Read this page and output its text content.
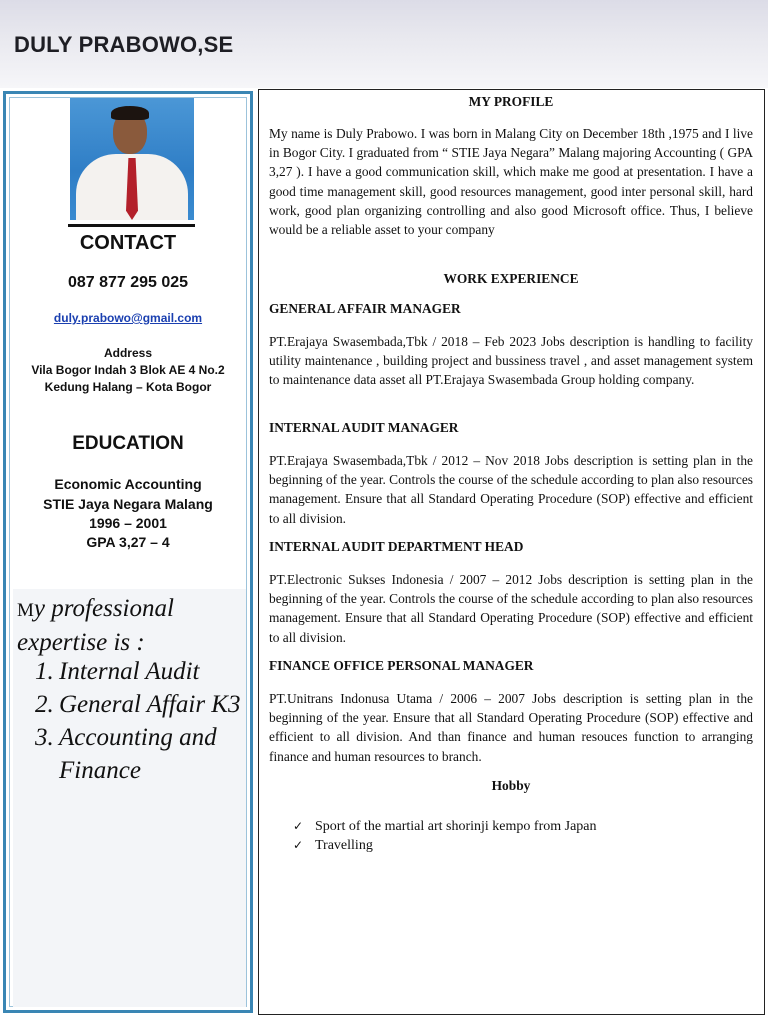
DULY PRABOWO,SE
CONTACT
087 877 295 025
duly.prabowo@gmail.com
Address
Vila Bogor Indah 3 Blok AE 4 No.2
Kedung Halang – Kota Bogor
EDUCATION
Economic Accounting
STIE Jaya Negara Malang
1996 – 2001
GPA 3,27 – 4
My professional expertise is :
1. Internal Audit
2. General Affair K3
3. Accounting and Finance
MY PROFILE
My name is Duly Prabowo. I was born in Malang City on December 18th ,1975 and I live in Bogor City. I graduated from “ STIE Jaya Negara” Malang majoring Accounting ( GPA 3,27 ). I have a good communication skill, which make me good at presentation. I have a good time management skill, good resources management, good inter personal skill, hard work, good plan organizing controlling and also good Microsoft office. Thus, I believe would be a reliable asset to your company
WORK EXPERIENCE
GENERAL AFFAIR MANAGER
PT.Erajaya Swasembada,Tbk / 2018 – Feb 2023 Jobs description is handling to facility utility maintenance , building project and bussiness travel , and asset management system to maintenance data asset all PT.Erajaya Swasembada Group holding company.
INTERNAL AUDIT MANAGER
PT.Erajaya Swasembada,Tbk / 2012 – Nov 2018 Jobs description is setting plan in the beginning of the year. Controls the course of the schedule according to plan also resources management. Ensure that all Standard Operating Procedure (SOP) effective and efficient to all division.
INTERNAL AUDIT DEPARTMENT HEAD
PT.Electronic Sukses Indonesia / 2007 – 2012 Jobs description is setting plan in the beginning of the year. Controls the course of the schedule according to plan also resources management. Ensure that all Standard Operating Procedure (SOP) effective and efficient to all division.
FINANCE OFFICE PERSONAL MANAGER
PT.Unitrans Indonusa Utama / 2006 – 2007 Jobs description is setting plan in the beginning of the year. Ensure that all Standard Operating Procedure (SOP) effective and efficient to all division. And than finance and human resouces function to arranging finance and human resources to branch.
Hobby
✓ Sport of the martial art shorinji kempo from Japan
✓ Travelling
